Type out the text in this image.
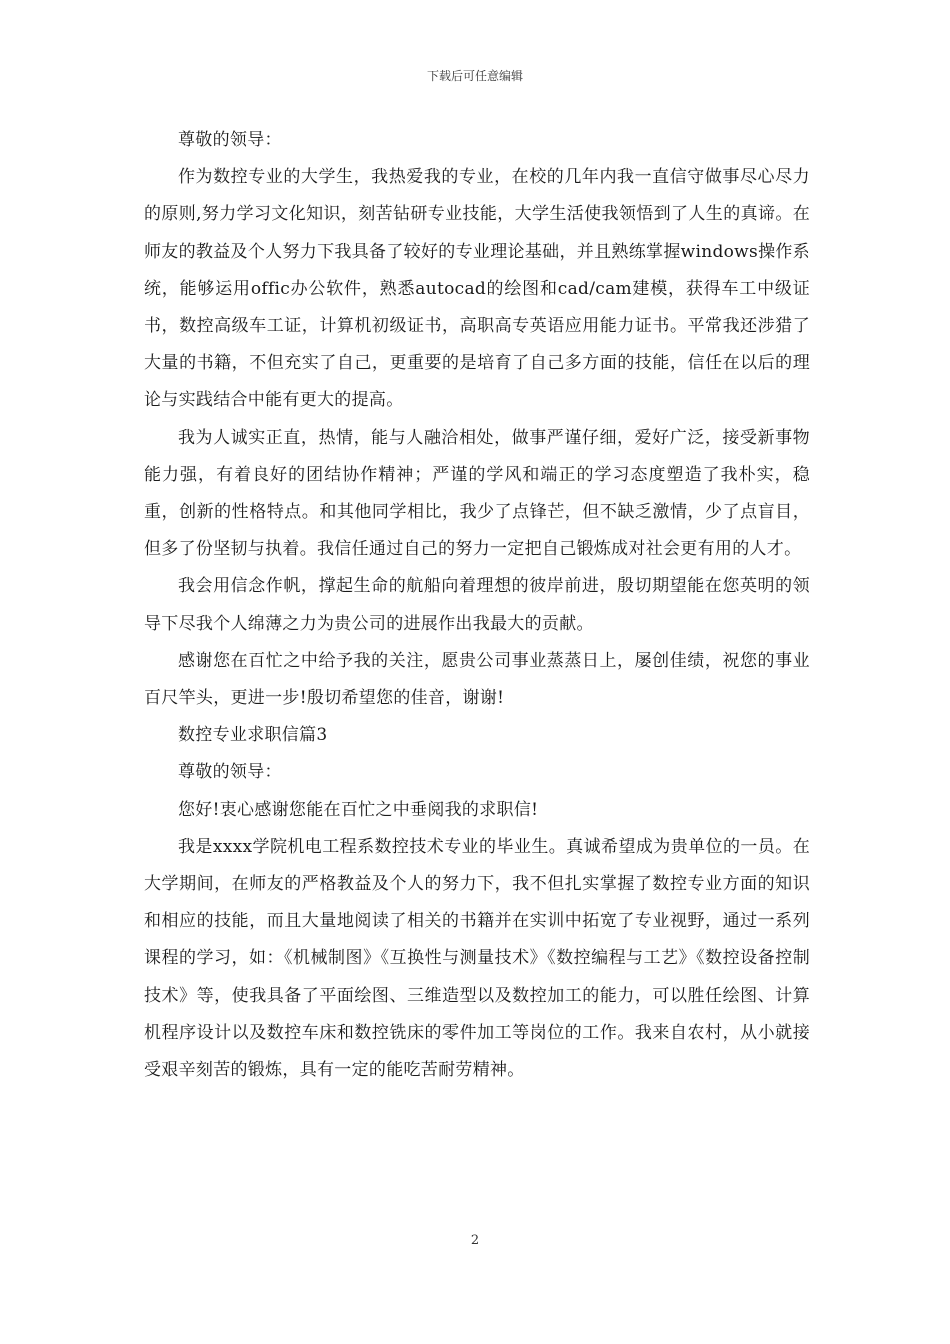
下载后可任意编辑

尊敬的领导：

作为数控专业的大学生，我热爱我的专业，在校的几年内我一直信守做事尽心尽力的原则,努力学习文化知识，刻苦钻研专业技能，大学生活使我领悟到了人生的真谛。在师友的教益及个人努力下我具备了较好的专业理论基础，并且熟练掌握windows操作系统，能够运用offic办公软件，熟悉autocad的绘图和cad/cam建模，获得车工中级证书，数控高级车工证，计算机初级证书，高职高专英语应用能力证书。平常我还涉猎了大量的书籍，不但充实了自己，更重要的是培育了自己多方面的技能，信任在以后的理论与实践结合中能有更大的提高。

我为人诚实正直，热情，能与人融洽相处，做事严谨仔细，爱好广泛，接受新事物能力强，有着良好的团结协作精神；严谨的学风和端正的学习态度塑造了我朴实，稳重，创新的性格特点。和其他同学相比，我少了点锋芒，但不缺乏激情，少了点盲目，但多了份坚韧与执着。我信任通过自己的努力一定把自己锻炼成对社会更有用的人才。

我会用信念作帆，撑起生命的航船向着理想的彼岸前进，殷切期望能在您英明的领导下尽我个人绵薄之力为贵公司的进展作出我最大的贡献。

感谢您在百忙之中给予我的关注，愿贵公司事业蒸蒸日上，屡创佳绩，祝您的事业百尺竿头，更进一步!殷切希望您的佳音，谢谢!

数控专业求职信篇3

尊敬的领导：

您好!衷心感谢您能在百忙之中垂阅我的求职信!

我是xxxx学院机电工程系数控技术专业的毕业生。真诚希望成为贵单位的一员。在大学期间，在师友的严格教益及个人的努力下，我不但扎实掌握了数控专业方面的知识和相应的技能，而且大量地阅读了相关的书籍并在实训中拓宽了专业视野，通过一系列课程的学习，如：《机械制图》《互换性与测量技术》《数控编程与工艺》《数控设备控制技术》等，使我具备了平面绘图、三维造型以及数控加工的能力，可以胜任绘图、计算机程序设计以及数控车床和数控铣床的零件加工等岗位的工作。我来自农村，从小就接受艰辛刻苦的锻炼，具有一定的能吃苦耐劳精神。

2
